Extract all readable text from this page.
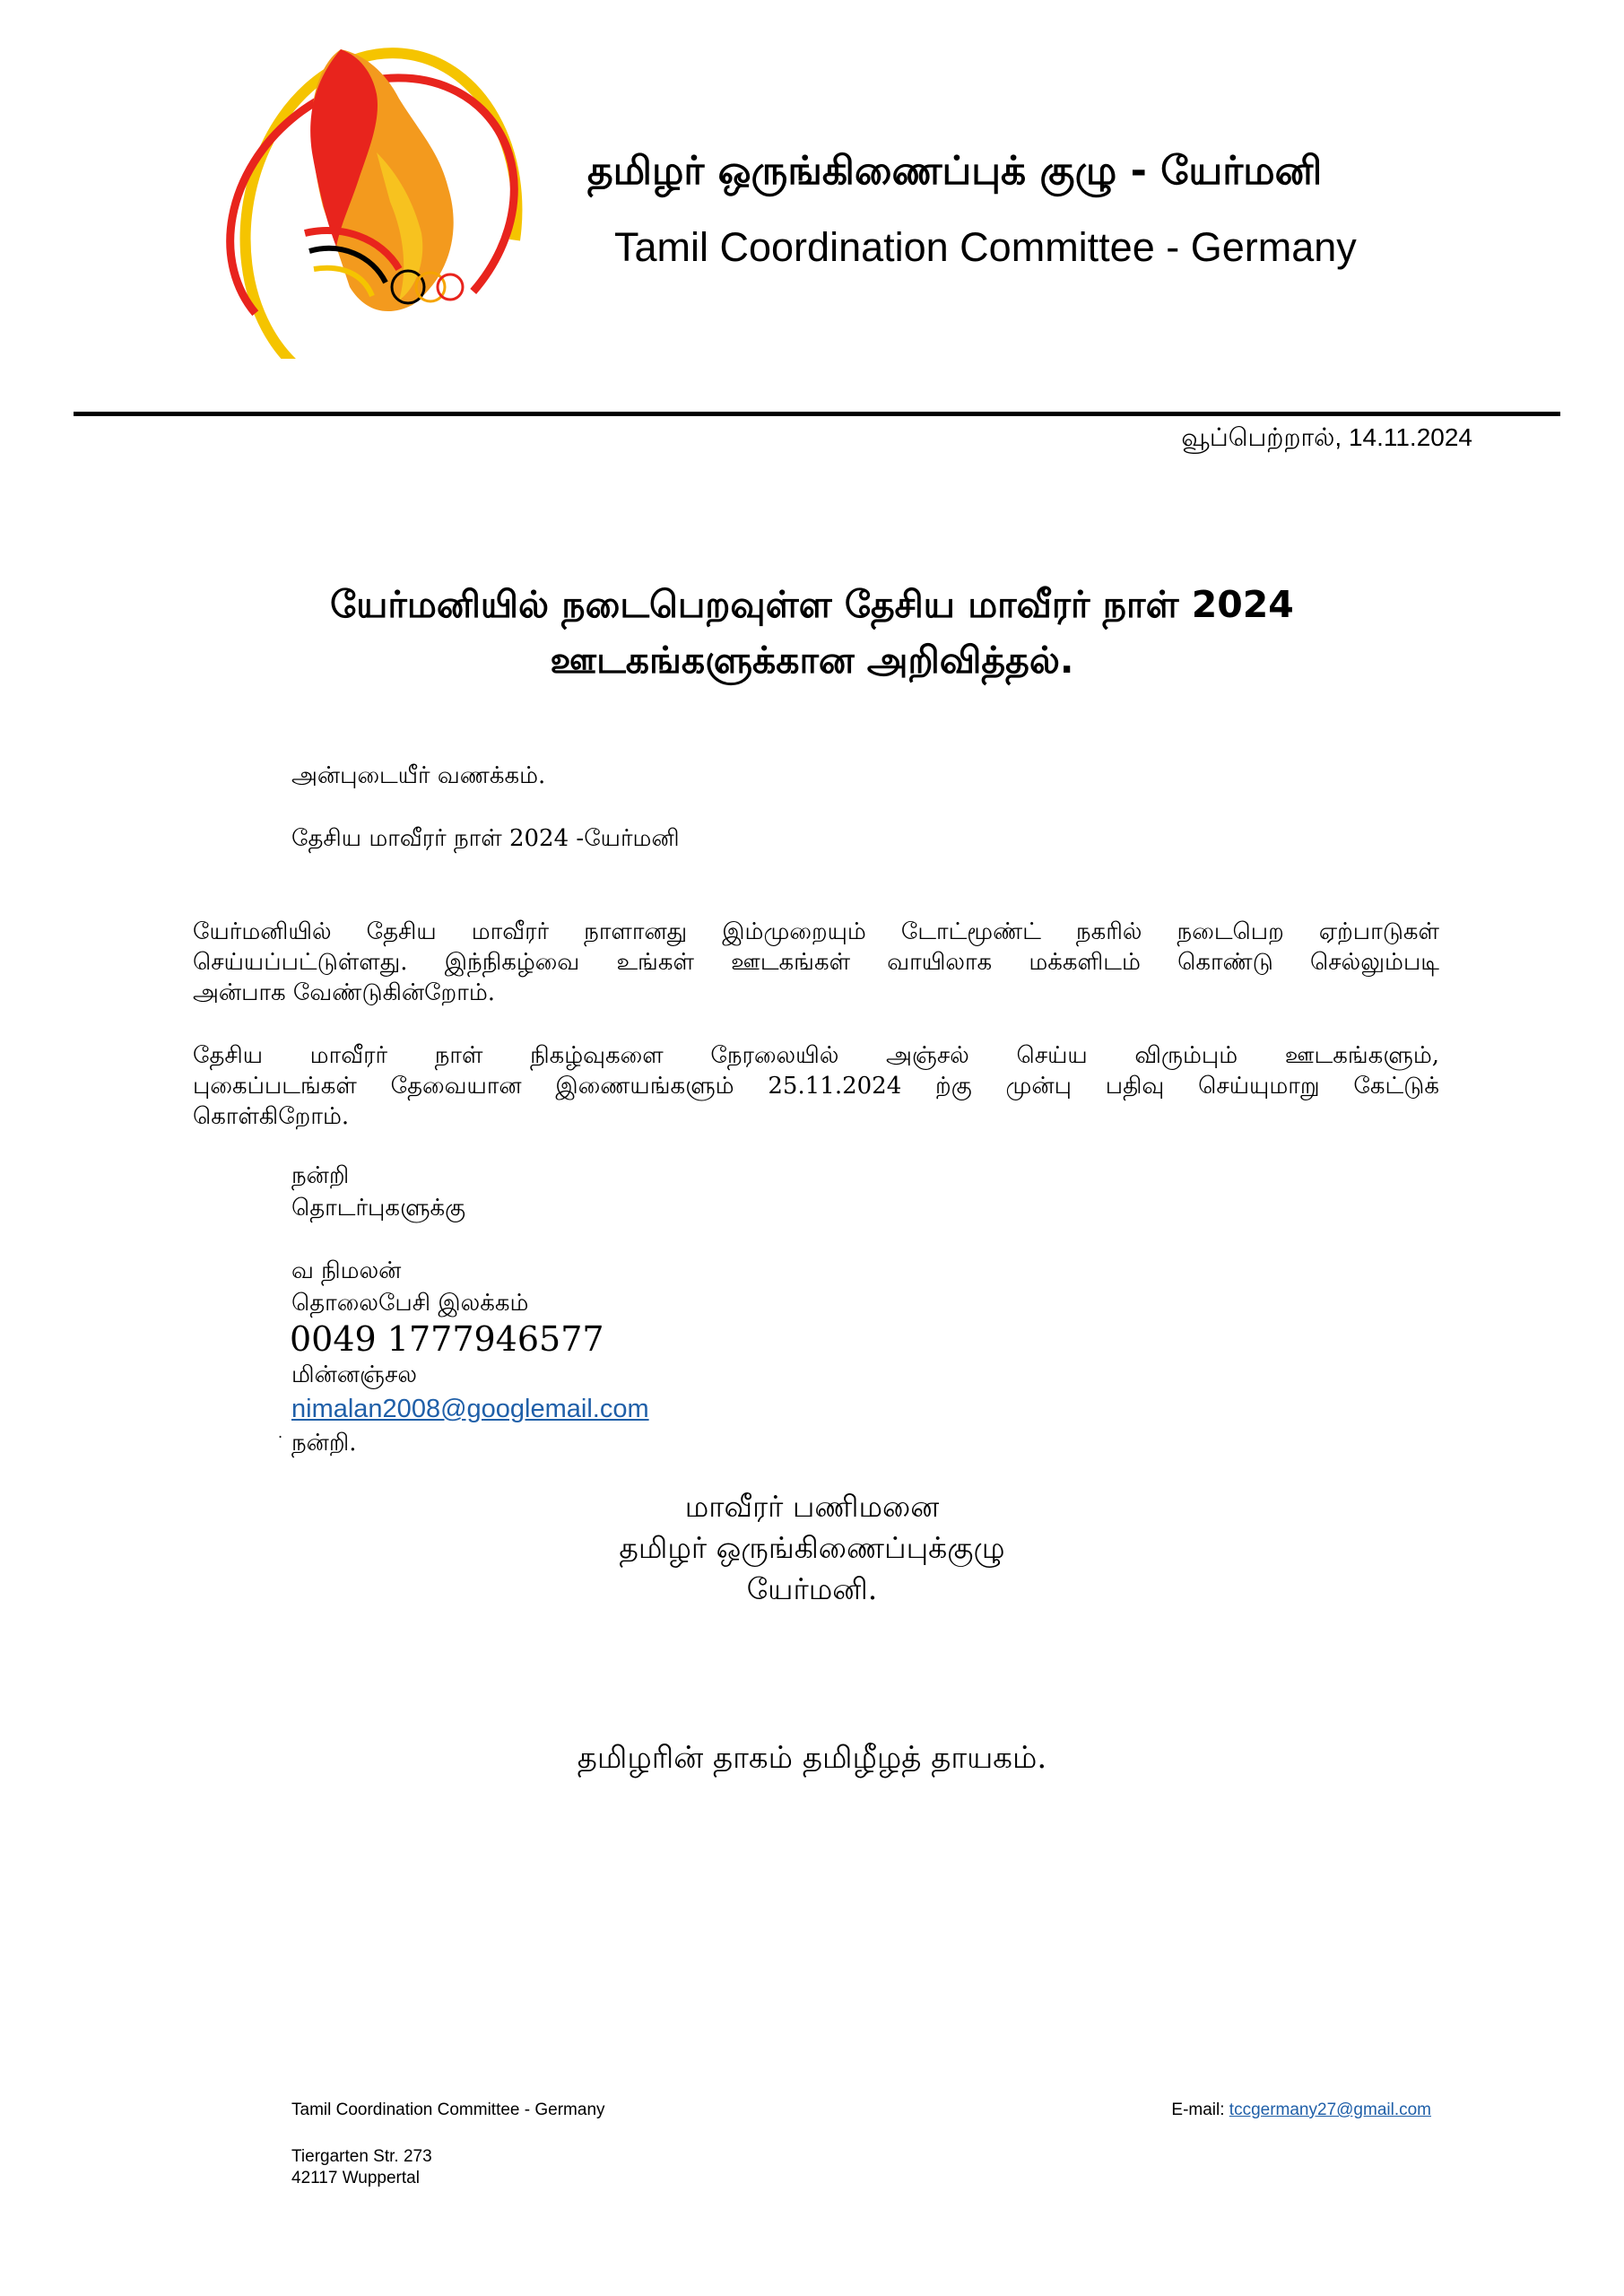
தமிழர் ஒருங்கிணைப்புக் குழு - யேர்மனி
Tamil Coordination Committee - Germany
வூப்பெற்றால், 14.11.2024
யேர்மனியில் நடைபெறவுள்ள தேசிய மாவீரர் நாள் 2024
ஊடகங்களுக்கான அறிவித்தல்.
அன்புடையீர் வணக்கம்.
தேசிய மாவீரர் நாள் 2024 -யேர்மனி
யேர்மனியில் தேசிய மாவீரர் நாளானது இம்முறையும் டோட்மூண்ட் நகரில் நடைபெற ஏற்பாடுகள்
செய்யப்பட்டுள்ளது. இந்நிகழ்வை உங்கள் ஊடகங்கள் வாயிலாக மக்களிடம் கொண்டு செல்லும்படி
அன்பாக வேண்டுகின்றோம்.
தேசிய மாவீரர் நாள் நிகழ்வுகளை நேரலையில் அஞ்சல் செய்ய விரும்பும் ஊடகங்களும்,
புகைப்படங்கள் தேவையான இணையங்களும் 25.11.2024 ற்கு முன்பு பதிவு செய்யுமாறு கேட்டுக்
கொள்கிறோம்.
நன்றி
தொடர்புகளுக்கு
வ நிமலன்
தொலைபேசி இலக்கம்
0049 1777946577
மின்னஞ்சல
nimalan2008@googlemail.com
. நன்றி.
மாவீரர் பணிமனை
தமிழர் ஒருங்கிணைப்புக்குழு
யேர்மனி.
தமிழரின் தாகம் தமிழீழத் தாயகம்.
Tamil Coordination Committee - Germany
Tiergarten Str. 273
42117 Wuppertal
E-mail: tccgermany27@gmail.com
